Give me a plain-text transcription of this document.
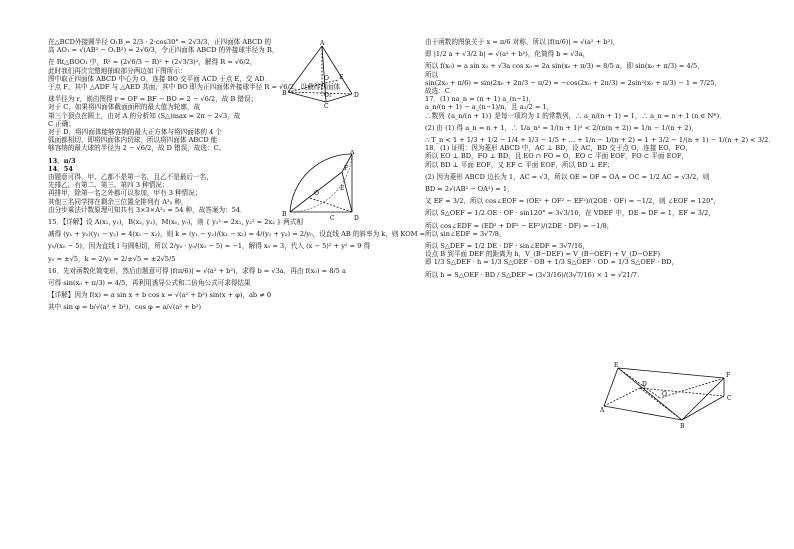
在△BCD外接圆半径 O₁B = 2/3 · 2·cos30° = 2√3/3，正四面体 ABCD 的
高 AO₁ = √(AB² − O₁B²) = 2√6/3，令正四面体 ABCD 的外接球半径为 R，
在 Rt△BOO₁ 中，R² = (2√6/3 − R)² + (2√3/3)²，解得 R = √6/2，
此时我们再次完整地抽取部分两边如下图所示：
图中取正四面体 ABCD 中心为 O，连接 BO 交平面 ACD 于点 E，交 AD
于点 F，其中 △ADF 与 △AED 共面，其中 BO 即为正四面体外接球半径 R = √6/2，设截得四面体
球半径为 r，则由图得 r = OF = BF − BO = 2 − √6/2，故 B 错误；
对于 C，如果将四面体截面面积的最大值为轮廓，故
第三个顶点在圆上，由对 A 的分析知 (S△)max = 2π − 2√3，故
C 正确；
对于 D，将四面体能够容纳的最大正方体与将四面体的 4 个
弧面都相切，即将四面体内切球，所以将四面体 ABCD 能
够容纳的最大球的半径为 2 − √6/2，故 D 错误，故选：C。
13．π/3
14．54
由题意可得，甲、乙都不是第一名，且乙不是最后一名，
先排乙，有第二、第三、第四 3 种情况；
再排甲，除第一名之外都可以参加，甲有 3 种情况；
其他三名同学排在剩余三位置全排列有 A³₃ 种，
由分步乘法计数原理可知共有 3×3×A³₃ = 54 种，故答案为：54．
15．【详解】设 A(x₁, y₁)，B(x₂, y₂)，M(x₀, y₀)，则 { y₁² = 2x₁, y₂² = 2x₂ } 两式相
减得 (y₁ + y₂)(y₁ − y₂) = 4(x₁ − x₂)，则 k = (y₁ − y₂)/(x₁ − x₂) = 4/(y₁ + y₂) = 2/y₀，设直线 AB 的斜率为 k，则 KOM =
y₀/(x₀ − 5)，因为直线 l 与圆相切，所以 2/y₀ · y₀/(x₀ − 5) = −1，解得 x₀ = 3，代入 (x − 5)² + y² = 9 得
y₀ = ±√5，k = 2/y₀ = 2/±√5 = ±2√5/5
16．先对函数化简变形，然后由题意可得 |f(π/6)| = √(a² + b²)，求得 b = √3a，再由 f(x₀) = 8/5 a
可得 sin(x₀ + π/3) = 4/5，再利用诱导公式和二倍角公式可求得结果
【详解】因为 f(x) = a sin x + b cos x = √(a² + b²) sin(x + φ)，ab ≠ 0
其中 sin φ = b/√(a² + b²)，cos φ = a/√(a² + b²)
由于函数的图象关于 x = π/6 对称，所以 |f(π/6)| = √(a² + b²)，
即 |1/2 a + √3/2 b| = √(a² + b²)，化简得 b = √3a，
所以 f(x₀) = a sin x₀ + √3a cos x₀ = 2a sin(x₀ + π/3) = 8/5 a，即 sin(x₀ + π/3) = 4/5，
所以
sin(2x₀ + π/6) = sin(2x₀ + 2π/3 − π/2) = −cos(2x₀ + 2π/3) = 2sin²(x₀ + π/3) − 1 = 7/25，
故选：C．
17．(1) na_n = (n + 1) a_(n−1)，
a_n/(n + 1) − a_(n−1)/n，且 a₁/2 = 1，
∴数列 {a_n/(n + 1)} 是每一项均为 1 的常数列，∴ a_n/(n + 1) = 1，∴ a_n = n + 1 (n ∈ N*)．
(2) 由 (1) 得 a_n = n + 1，∴ 1/a_n² = 1/(n + 1)² < 2/(n(n + 2)) = 1/n − 1/(n + 2)，
∴ T_n < 1 + 1/3 + 1/2 − 1/4 + 1/3 − 1/5 + … + 1/n − 1/(n + 2) = 1 + 3/2 − 1/(n + 1) − 1/(n + 2) < 3/2．
18．(1) 证明：因为菱形 ABCD 中，AC ⊥ BD，设 AC，BD 交于点 O，连接 EO，FO，
所以 EO ⊥ BD，FO ⊥ BD，且 EO ∩ FO = O，EO ⊂ 平面 EOF，FO ⊂ 平面 EOF，
所以 BD ⊥ 平面 EOF，又 EF ⊂ 平面 EOF，所以 BD ⊥ EF；
(2) 因为菱形 ABCD 边长为 1，AC = √3，所以 OE = OF = OA = OC = 1/2 AC = √3/2，则
BD = 2√(AB² − OA²) = 1，
又 EF = 3/2，所以 cos∠EOF = (OE² + OF² − EF²)/(2OE · OF) = −1/2，则 ∠EOF = 120°，
所以 S△OEF = 1/2 OE · OF · sin120° = 3√3/16，在 VDEF 中，DE = DF = 1，EF = 3/2，
所以 cos∠EDF = (ED² + DF² − EF²)/(2DE · DF) = −1/8，
所以 sin∠EDF = 3√7/8，
所以 S△DEF = 1/2 DE · DF · sin∠EDF = 3√7/16，
设点 B 到平面 DEF 的距离为 h，V_(B−DEF) = V_(B−OEF) + V_(D−OEF)
即 1/3 S△DEF · h = 1/3 S△OEF · OB + 1/3 S△OEF · OD = 1/3 S△OEF · BD，
所以 h = S△OEF · BD / S△DEF = (3√3/16)/(3√7/16) × 1 = √21/7．
A
B
C
D
O
O₁
E
A
B
D
F
O
C
E
E
D
F
O
A
C
B
